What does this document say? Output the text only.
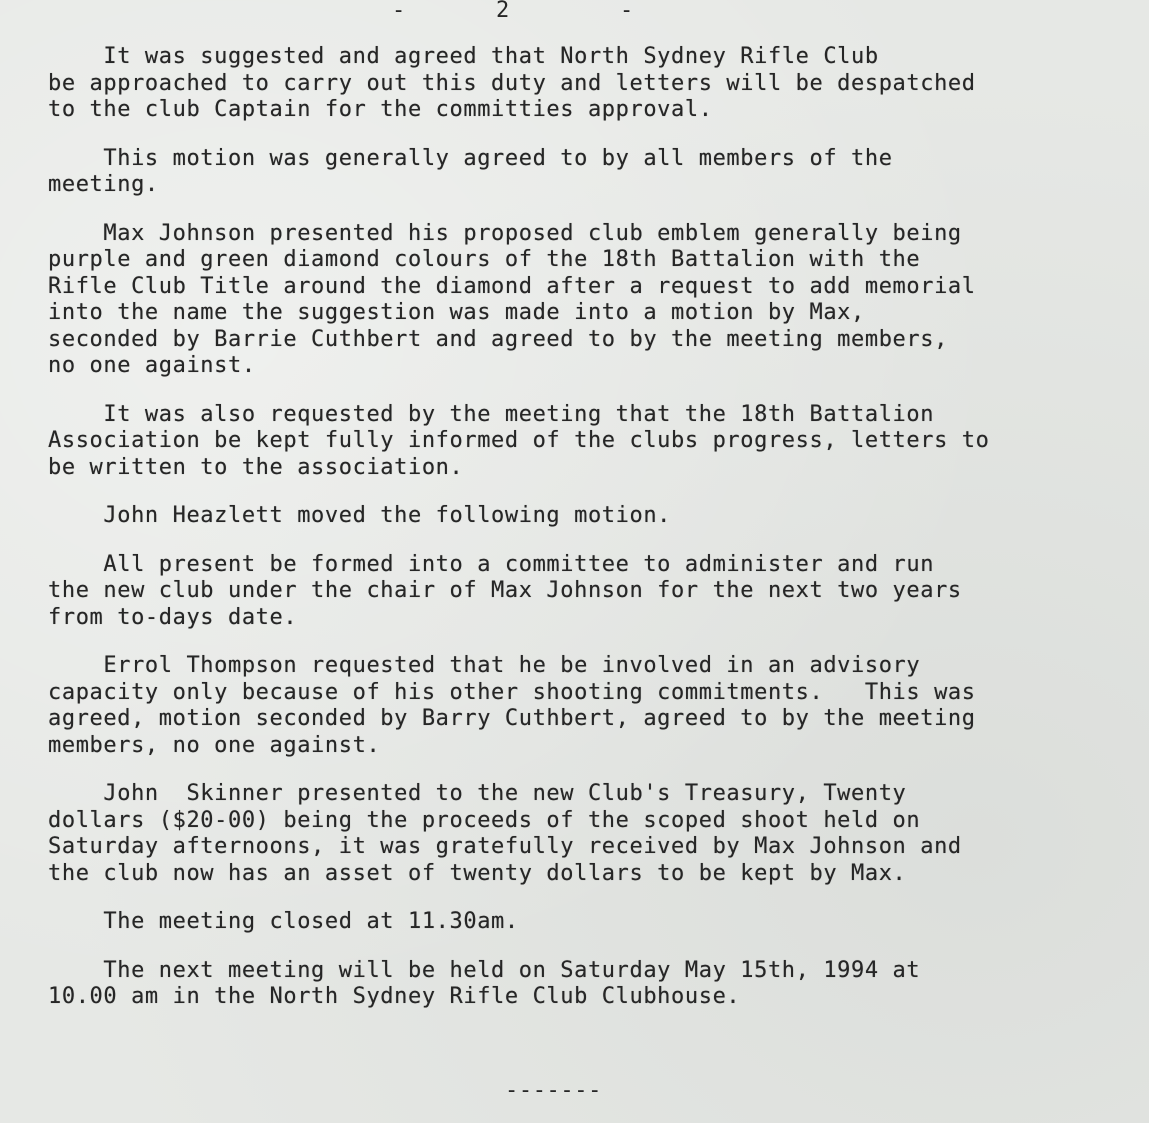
-	2	-

It was suggested and agreed that North Sydney Rifle Club
be approached to carry out this duty and letters will be despatched
to the club Captain for the committies approval.

This motion was generally agreed to by all members of the
meeting.

Max Johnson presented his proposed club emblem generally being
purple and green diamond colours of the 18th Battalion with the
Rifle Club Title around the diamond after a request to add memorial
into the name the suggestion was made into a motion by Max,
seconded by Barrie Cuthbert and agreed to by the meeting members,
no one against.

It was also requested by the meeting that the 18th Battalion
Association be kept fully informed of the clubs progress, letters to
be written to the association.

John Heazlett moved the following motion.

All present be formed into a committee to administer and run
the new club under the chair of Max Johnson for the next two years
from to-days date.

Errol Thompson requested that he be involved in an advisory
capacity only because of his other shooting commitments.   This was
agreed, motion seconded by Barry Cuthbert, agreed to by the meeting
members, no one against.

John  Skinner presented to the new Club's Treasury, Twenty
dollars ($20-00) being the proceeds of the scoped shoot held on
Saturday afternoons, it was gratefully received by Max Johnson and
the club now has an asset of twenty dollars to be kept by Max.

The meeting closed at 11.30am.

The next meeting will be held on Saturday May 15th, 1994 at
10.00 am in the North Sydney Rifle Club Clubhouse.

-------
